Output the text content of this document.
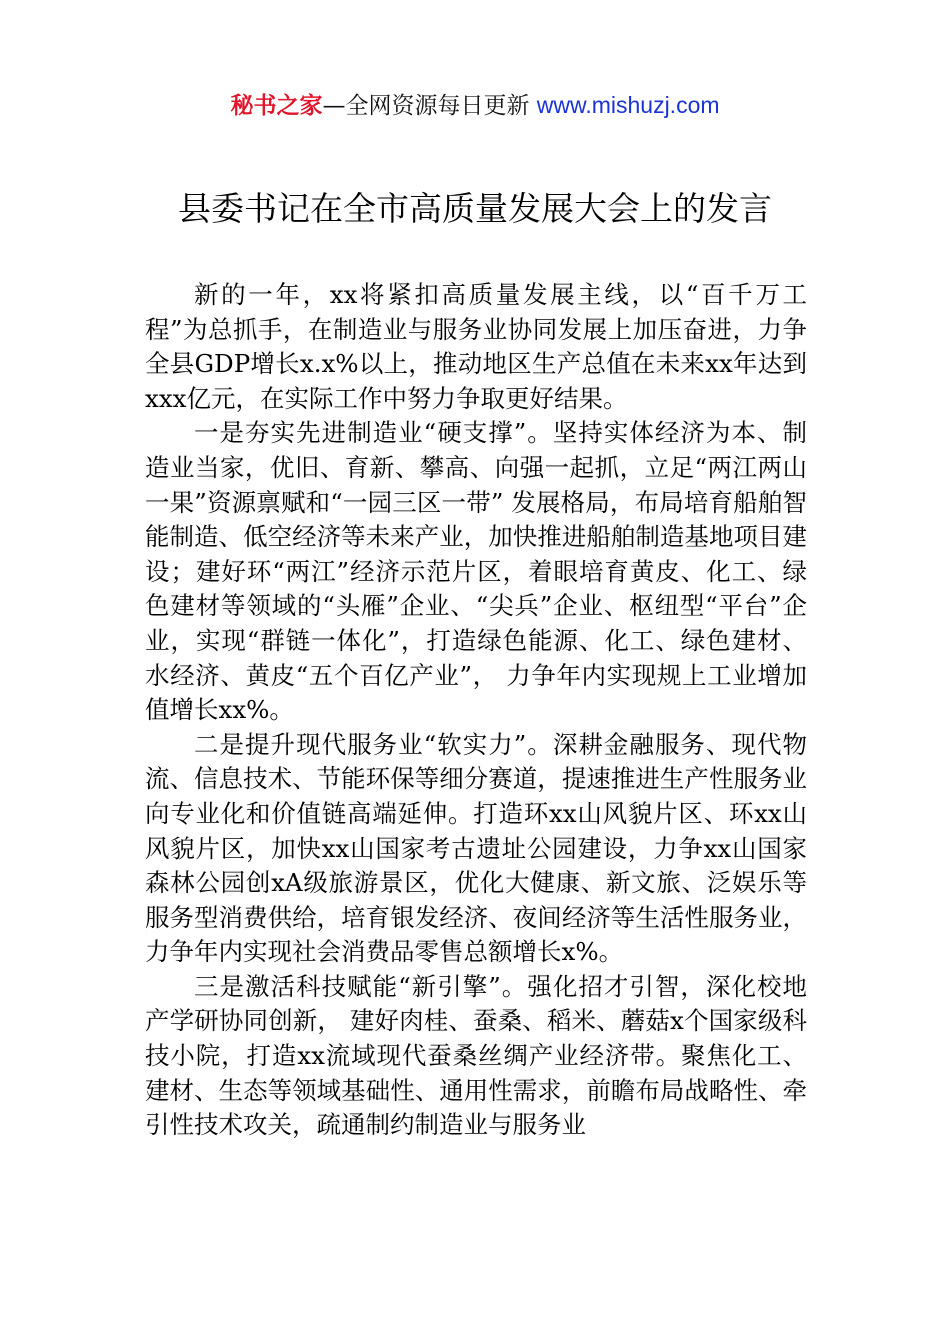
秘书之家—全网资源每日更新 www.mishuzj.com
县委书记在全市高质量发展大会上的发言

新的一年，xx将紧扣高质量发展主线，以“百千万工程”为总抓手，在制造业与服务业协同发展上加压奋进，力争全县GDP增长x.x%以上，推动地区生产总值在未来xx年达到xxx亿元，在实际工作中努力争取更好结果。

一是夯实先进制造业“硬支撑”。坚持实体经济为本、制造业当家，优旧、育新、攀高、向强一起抓，立足“两江两山一果”资源禀赋和“一园三区一带” 发展格局，布局培育船舶智能制造、低空经济等未来产业，加快推进船舶制造基地项目建设；建好环“两江”经济示范片区，着眼培育黄皮、化工、绿色建材等领域的“头雁”企业、“尖兵”企业、枢纽型“平台”企业，实现“群链一体化”，打造绿色能源、化工、绿色建材、水经济、黄皮“五个百亿产业”， 力争年内实现规上工业增加值增长xx%。

二是提升现代服务业“软实力”。深耕金融服务、现代物流、信息技术、节能环保等细分赛道，提速推进生产性服务业向专业化和价值链高端延伸。打造环xx山风貌片区、环xx山风貌片区，加快xx山国家考古遗址公园建设，力争xx山国家森林公园创xA级旅游景区，优化大健康、新文旅、泛娱乐等服务型消费供给，培育银发经济、夜间经济等生活性服务业，力争年内实现社会消费品零售总额增长x%。

三是激活科技赋能“新引擎”。强化招才引智，深化校地产学研协同创新， 建好肉桂、蚕桑、稻米、蘑菇x个国家级科技小院，打造xx流域现代蚕桑丝绸产业经济带。聚焦化工、建材、生态等领域基础性、通用性需求，前瞻布局战略性、牵引性技术攻关，疏通制约制造业与服务业
